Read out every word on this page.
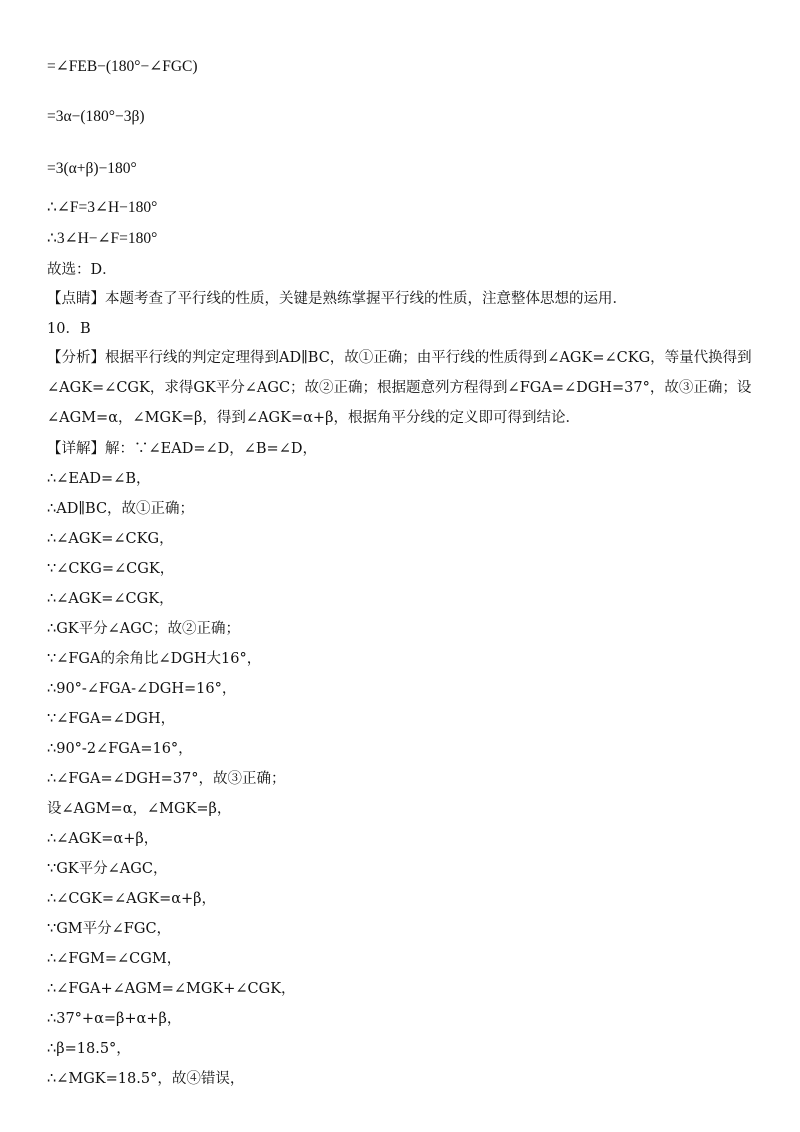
=∠FEB−(180°−∠FGC)
=3α−(180°−3β)
=3(α+β)−180°
∴∠F=3∠H−180°
∴3∠H−∠F=180°
故选：D．
【点睛】本题考查了平行线的性质，关键是熟练掌握平行线的性质，注意整体思想的运用．
10．B
【分析】根据平行线的判定定理得到AD∥BC，故①正确；由平行线的性质得到∠AGK=∠CKG，等量代换得到
∠AGK=∠CGK，求得GK平分∠AGC；故②正确；根据题意列方程得到∠FGA=∠DGH=37°，故③正确；设
∠AGM=α，∠MGK=β，得到∠AGK=α+β，根据角平分线的定义即可得到结论．
【详解】解：∵∠EAD=∠D，∠B=∠D，
∴∠EAD=∠B，
∴AD∥BC，故①正确；
∴∠AGK=∠CKG，
∵∠CKG=∠CGK，
∴∠AGK=∠CGK，
∴GK平分∠AGC；故②正确；
∵∠FGA的余角比∠DGH大16°，
∴90°-∠FGA-∠DGH=16°，
∵∠FGA=∠DGH，
∴90°-2∠FGA=16°，
∴∠FGA=∠DGH=37°，故③正确；
设∠AGM=α，∠MGK=β，
∴∠AGK=α+β，
∵GK平分∠AGC，
∴∠CGK=∠AGK=α+β，
∵GM平分∠FGC，
∴∠FGM=∠CGM，
∴∠FGA+∠AGM=∠MGK+∠CGK，
∴37°+α=β+α+β，
∴β=18.5°，
∴∠MGK=18.5°，故④错误，
